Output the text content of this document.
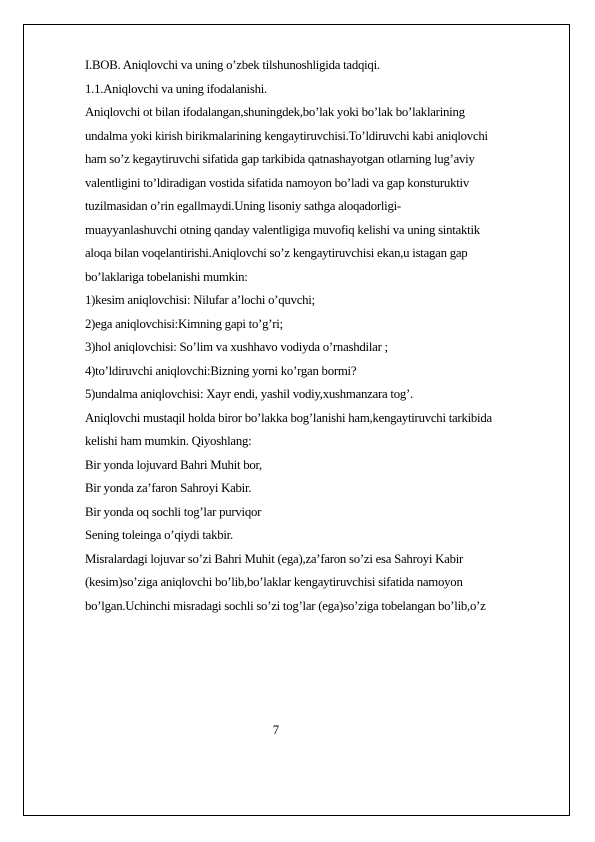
I.BOB. Aniqlovchi va uning o’zbek tilshunoshligida tadqiqi.
1.1.Aniqlovchi va uning ifodalanishi.
Aniqlovchi ot bilan ifodalangan,shuningdek,bo’lak yoki bo’lak bo’laklarining
undalma yoki kirish birikmalarining kengaytiruvchisi.To’ldiruvchi kabi aniqlovchi
ham so’z kegaytiruvchi sifatida gap tarkibida qatnashayotgan otlarning lug’aviy
valentligini to’ldiradigan vostida sifatida namoyon bo’ladi va gap konsturuktiv
tuzilmasidan o’rin egallmaydi.Uning lisoniy sathga aloqadorligi-
muayyanlashuvchi otning qanday valentligiga muvofiq kelishi va uning sintaktik
aloqa bilan voqelantirishi.Aniqlovchi so’z kengaytiruvchisi ekan,u istagan gap
bo’laklariga tobelanishi mumkin:
1)kesim aniqlovchisi: Nilufar a’lochi o’quvchi;
2)ega aniqlovchisi:Kimning gapi to’g’ri;
3)hol aniqlovchisi: So’lim va xushhavo vodiyda o’rnashdilar ;
4)to’ldiruvchi aniqlovchi:Bizning yorni ko’rgan bormi?
5)undalma aniqlovchisi: Xayr endi, yashil vodiy,xushmanzara tog’.
Aniqlovchi mustaqil holda biror bo’lakka bog’lanishi ham,kengaytiruvchi tarkibida
kelishi ham mumkin. Qiyoshlang:
Bir yonda lojuvard Bahri Muhit bor,
Bir yonda za’faron Sahroyi Kabir.
Bir yonda oq sochli tog’lar purviqor
Sening toleinga o’qiydi takbir.
Misralardagi lojuvar so’zi Bahri Muhit (ega),za’faron so’zi esa Sahroyi Kabir
(kesim)so’ziga aniqlovchi bo’lib,bo’laklar kengaytiruvchisi sifatida namoyon
bo’lgan.Uchinchi misradagi sochli so’zi tog’lar (ega)so’ziga tobelangan bo’lib,o’z
7
